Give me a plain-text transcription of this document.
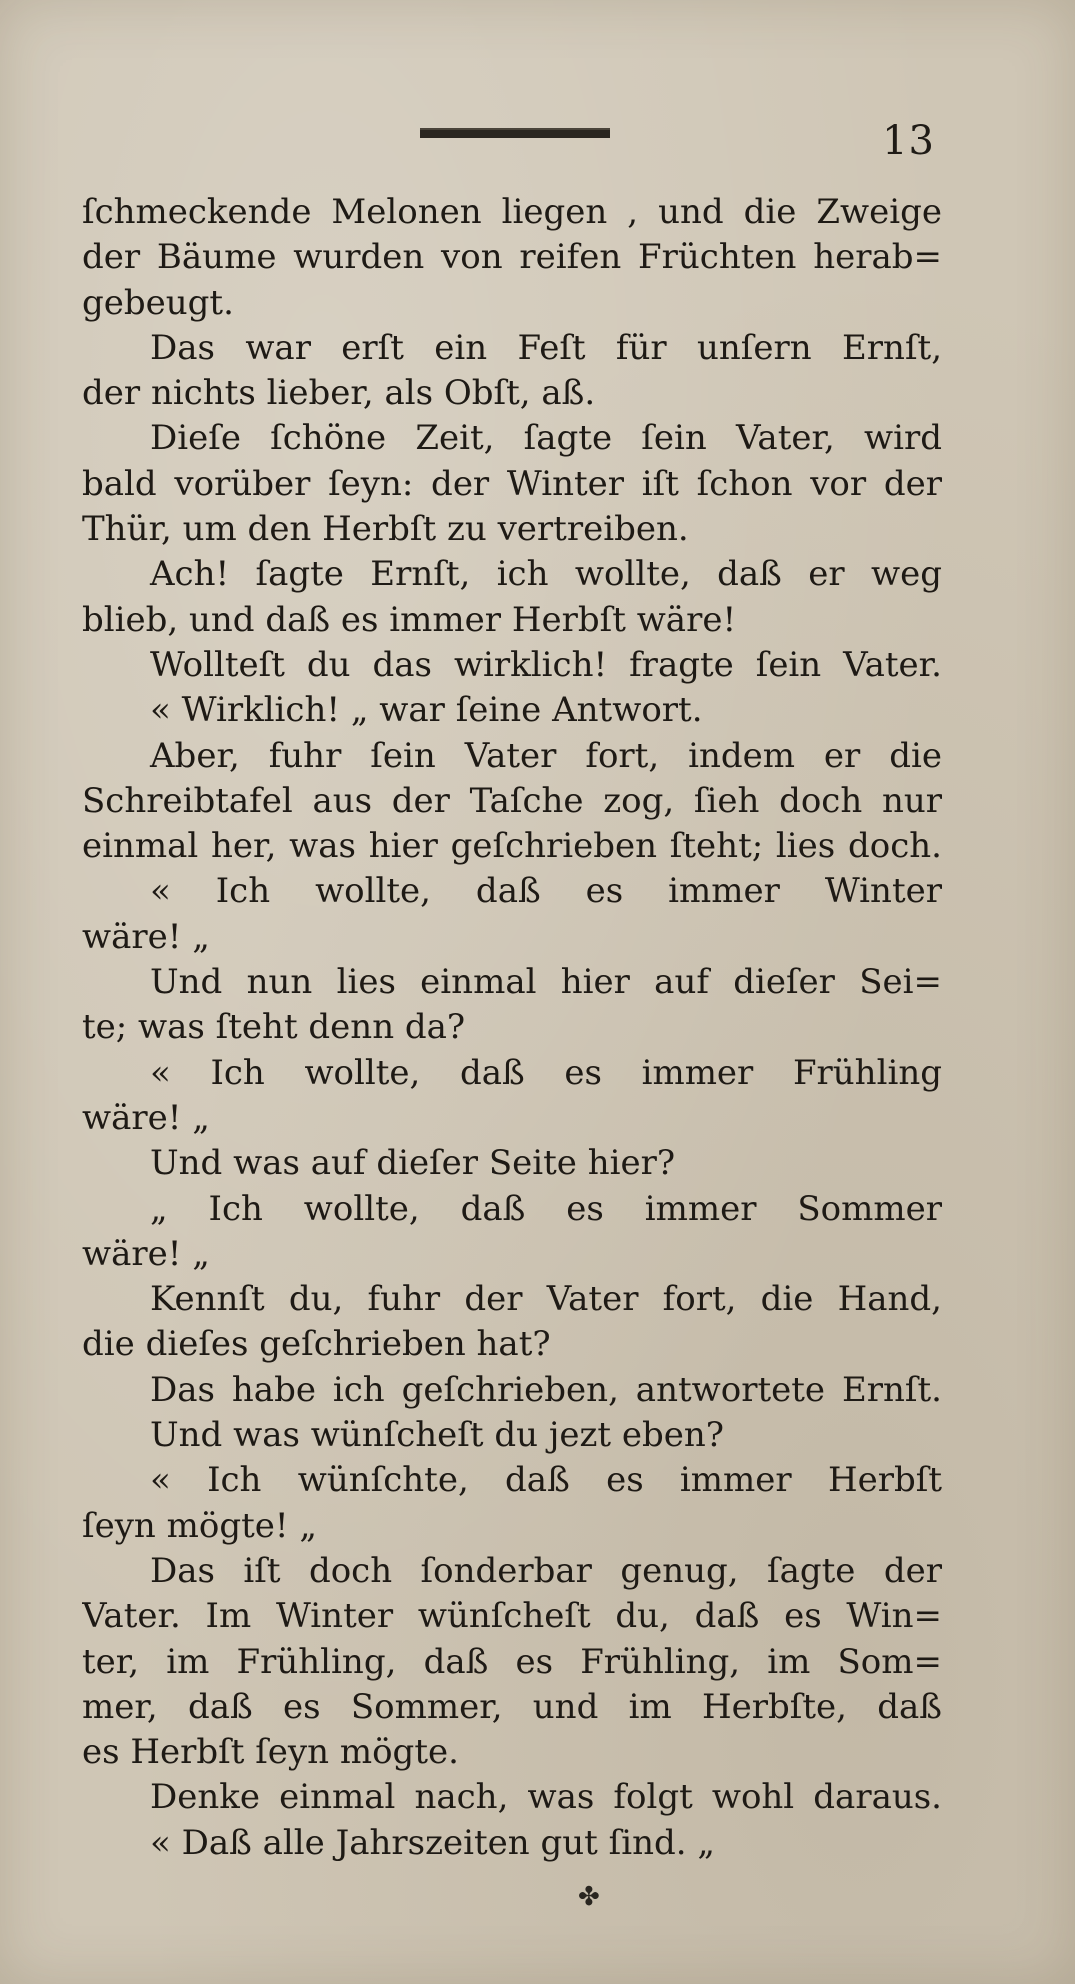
13
ſchmeckende Melonen liegen , und die Zweige
der Bäume wurden von reifen Früchten herab=
gebeugt.
Das war erſt ein Feſt für unſern Ernſt,
der nichts lieber, als Obſt, aß.
Dieſe ſchöne Zeit, ſagte ſein Vater, wird
bald vorüber ſeyn: der Winter iſt ſchon vor der
Thür, um den Herbſt zu vertreiben.
Ach! ſagte Ernſt, ich wollte, daß er weg
blieb, und daß es immer Herbſt wäre!
Wollteſt du das wirklich! fragte ſein Vater.
« Wirklich! „ war ſeine Antwort.
Aber, fuhr ſein Vater fort, indem er die
Schreibtafel aus der Taſche zog, ſieh doch nur
einmal her, was hier geſchrieben ſteht; lies doch.
« Ich wollte, daß es immer Winter
wäre! „
Und nun lies einmal hier auf dieſer Sei=
te; was ſteht denn da?
« Ich wollte, daß es immer Frühling
wäre! „
Und was auf dieſer Seite hier?
„ Ich wollte, daß es immer Sommer
wäre! „
Kennſt du, fuhr der Vater fort, die Hand,
die dieſes geſchrieben hat?
Das habe ich geſchrieben, antwortete Ernſt.
Und was wünſcheſt du jezt eben?
« Ich wünſchte, daß es immer Herbſt
ſeyn mögte! „
Das iſt doch ſonderbar genug, ſagte der
Vater. Im Winter wünſcheſt du, daß es Win=
ter, im Frühling, daß es Frühling, im Som=
mer, daß es Sommer, und im Herbſte, daß
es Herbſt ſeyn mögte.
Denke einmal nach, was folgt wohl daraus.
« Daß alle Jahrszeiten gut ſind. „
✤
